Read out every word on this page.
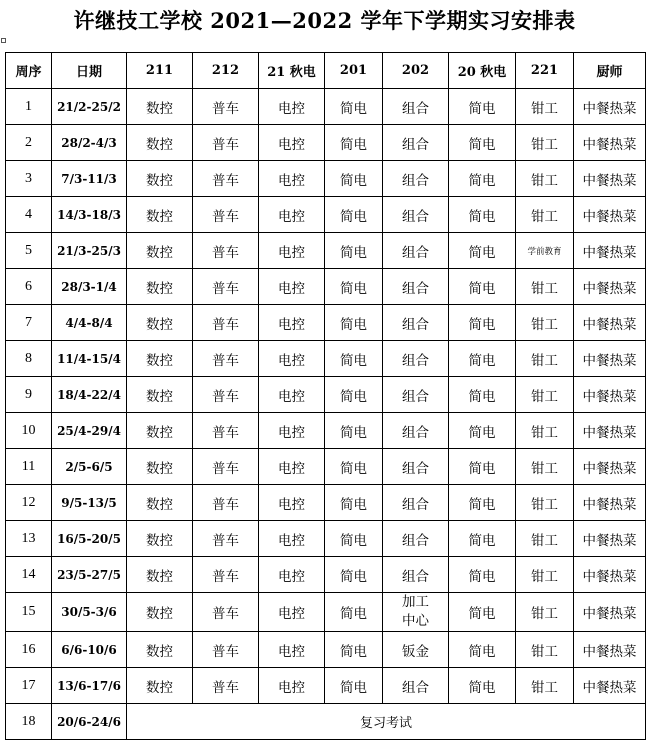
许继技工学校 2021—2022 学年下学期实习安排表
周序	日期	211	212	21 秋电	201	202	20 秋电	221	厨师
1	21/2-25/2	数控	普车	电控	简电	组合	简电	钳工	中餐热菜
2	28/2-4/3	数控	普车	电控	简电	组合	简电	钳工	中餐热菜
3	7/3-11/3	数控	普车	电控	简电	组合	简电	钳工	中餐热菜
4	14/3-18/3	数控	普车	电控	简电	组合	简电	钳工	中餐热菜
5	21/3-25/3	数控	普车	电控	简电	组合	简电	学前教育	中餐热菜
6	28/3-1/4	数控	普车	电控	简电	组合	简电	钳工	中餐热菜
7	4/4-8/4	数控	普车	电控	简电	组合	简电	钳工	中餐热菜
8	11/4-15/4	数控	普车	电控	简电	组合	简电	钳工	中餐热菜
9	18/4-22/4	数控	普车	电控	简电	组合	简电	钳工	中餐热菜
10	25/4-29/4	数控	普车	电控	简电	组合	简电	钳工	中餐热菜
11	2/5-6/5	数控	普车	电控	简电	组合	简电	钳工	中餐热菜
12	9/5-13/5	数控	普车	电控	简电	组合	简电	钳工	中餐热菜
13	16/5-20/5	数控	普车	电控	简电	组合	简电	钳工	中餐热菜
14	23/5-27/5	数控	普车	电控	简电	组合	简电	钳工	中餐热菜
15	30/5-3/6	数控	普车	电控	简电	加工中心	简电	钳工	中餐热菜
16	6/6-10/6	数控	普车	电控	简电	钣金	简电	钳工	中餐热菜
17	13/6-17/6	数控	普车	电控	简电	组合	简电	钳工	中餐热菜
18	20/6-24/6	复习考试							
